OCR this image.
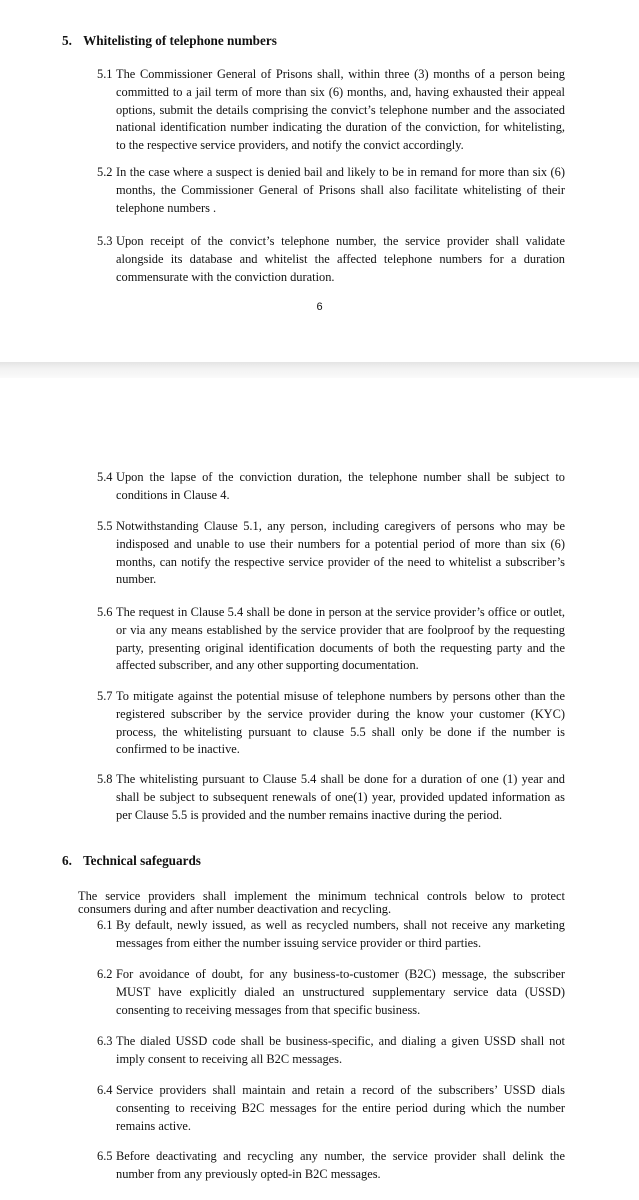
5. Whitelisting of telephone numbers
5.1 The Commissioner General of Prisons shall, within three (3) months of a person being committed to a jail term of more than six (6) months, and, having exhausted their appeal options, submit the details comprising the convict’s telephone number and the associated national identification number indicating the duration of the conviction, for whitelisting, to the respective service providers, and notify the convict accordingly.
5.2 In the case where a suspect is denied bail and likely to be in remand for more than six (6) months, the Commissioner General of Prisons shall also facilitate whitelisting of their telephone numbers .
5.3 Upon receipt of the convict’s telephone number, the service provider shall validate alongside its database and whitelist the affected telephone numbers for a duration commensurate with the conviction duration.
6
5.4 Upon the lapse of the conviction duration, the telephone number shall be subject to conditions in Clause 4.
5.5 Notwithstanding Clause 5.1, any person, including caregivers of persons who may be indisposed and unable to use their numbers for a potential period of more than six (6) months, can notify the respective service provider of the need to whitelist a subscriber’s number.
5.6 The request in Clause 5.4 shall be done in person at the service provider’s office or outlet, or via any means established by the service provider that are foolproof by the requesting party, presenting original identification documents of both the requesting party and the affected subscriber, and any other supporting documentation.
5.7 To mitigate against the potential misuse of telephone numbers by persons other than the registered subscriber by the service provider during the know your customer (KYC) process, the whitelisting pursuant to clause 5.5 shall only be done if the number is confirmed to be inactive.
5.8 The whitelisting pursuant to Clause 5.4 shall be done for a duration of one (1) year and shall be subject to subsequent renewals of one(1) year, provided updated information as per Clause 5.5 is provided and the number remains inactive during the period.
6. Technical safeguards
The service providers shall implement the minimum technical controls below to protect consumers during and after number deactivation and recycling.
6.1 By default, newly issued, as well as recycled numbers, shall not receive any marketing messages from either the number issuing service provider or third parties.
6.2 For avoidance of doubt, for any business-to-customer (B2C) message, the subscriber MUST have explicitly dialed an unstructured supplementary service data (USSD) consenting to receiving messages from that specific business.
6.3 The dialed USSD code shall be business-specific, and dialing a given USSD shall not imply consent to receiving all B2C messages.
6.4 Service providers shall maintain and retain a record of the subscribers’ USSD dials consenting to receiving B2C messages for the entire period during which the number remains active.
6.5 Before deactivating and recycling any number, the service provider shall delink the number from any previously opted-in B2C messages.
